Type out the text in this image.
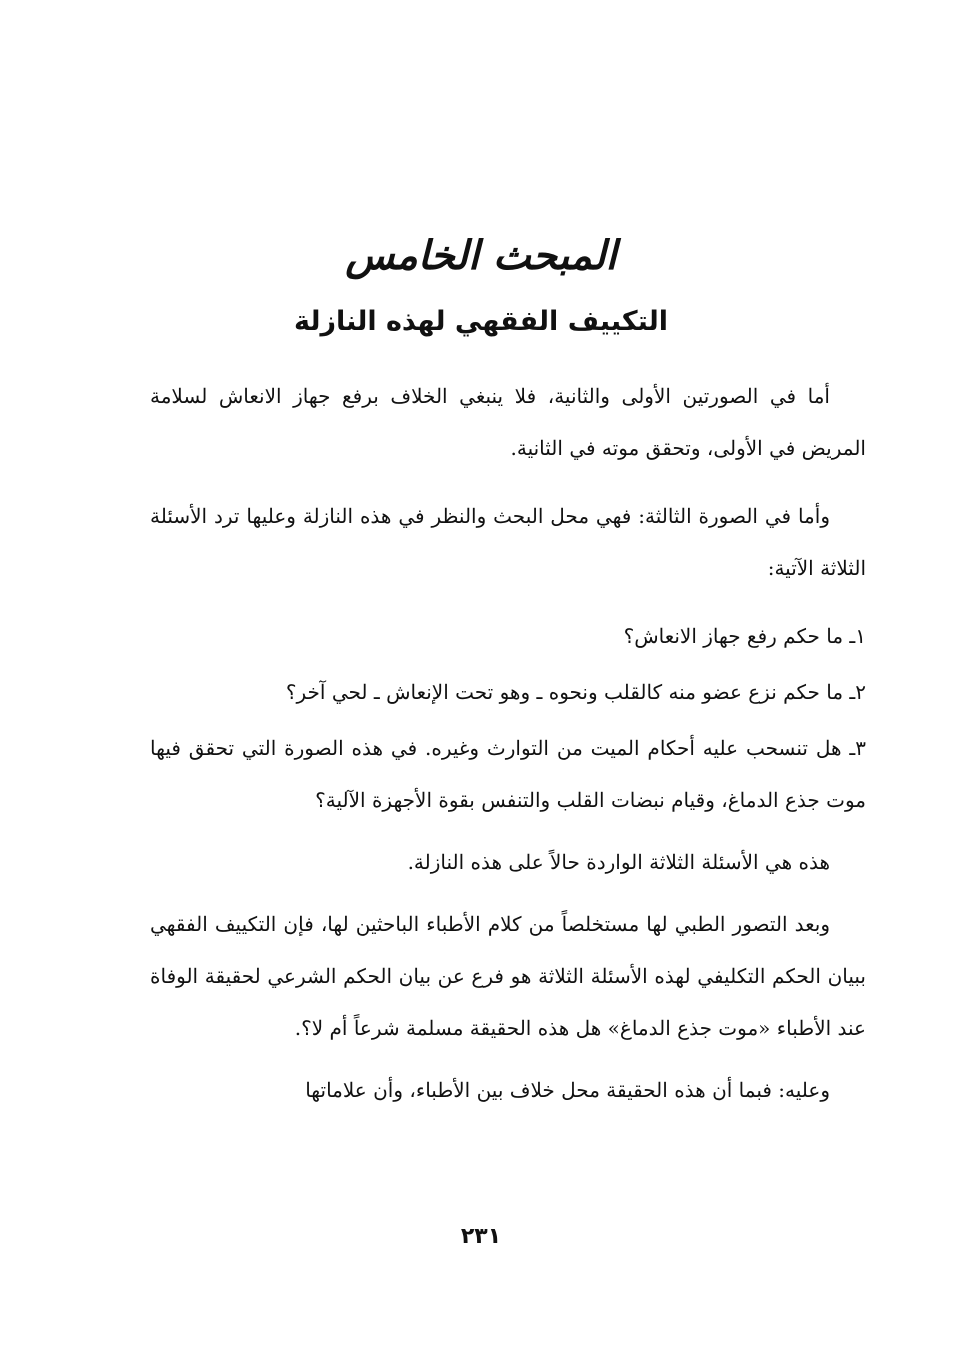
المبحث الخامس
التكييف الفقهي لهذه النازلة

أما في الصورتين الأولى والثانية، فلا ينبغي الخلاف برفع جهاز الانعاش لسلامة المريض في الأولى، وتحقق موته في الثانية.

وأما في الصورة الثالثة: فهي محل البحث والنظر في هذه النازلة وعليها ترد الأسئلة الثلاثة الآتية:

١ـ ما حكم رفع جهاز الانعاش؟

٢ـ ما حكم نزع عضو منه كالقلب ونحوه ـ وهو تحت الإنعاش ـ لحي آخر؟

٣ـ هل تنسحب عليه أحكام الميت من التوارث وغيره. في هذه الصورة التي تحقق فيها موت جذع الدماغ، وقيام نبضات القلب والتنفس بقوة الأجهزة الآلية؟

هذه هي الأسئلة الثلاثة الواردة حالاً على هذه النازلة.

وبعد التصور الطبي لها مستخلصاً من كلام الأطباء الباحثين لها، فإن التكييف الفقهي ببيان الحكم التكليفي لهذه الأسئلة الثلاثة هو فرع عن بيان الحكم الشرعي لحقيقة الوفاة عند الأطباء «موت جذع الدماغ» هل هذه الحقيقة مسلمة شرعاً أم لا؟.

وعليه: فبما أن هذه الحقيقة محل خلاف بين الأطباء، وأن علاماتها

٢٣١
